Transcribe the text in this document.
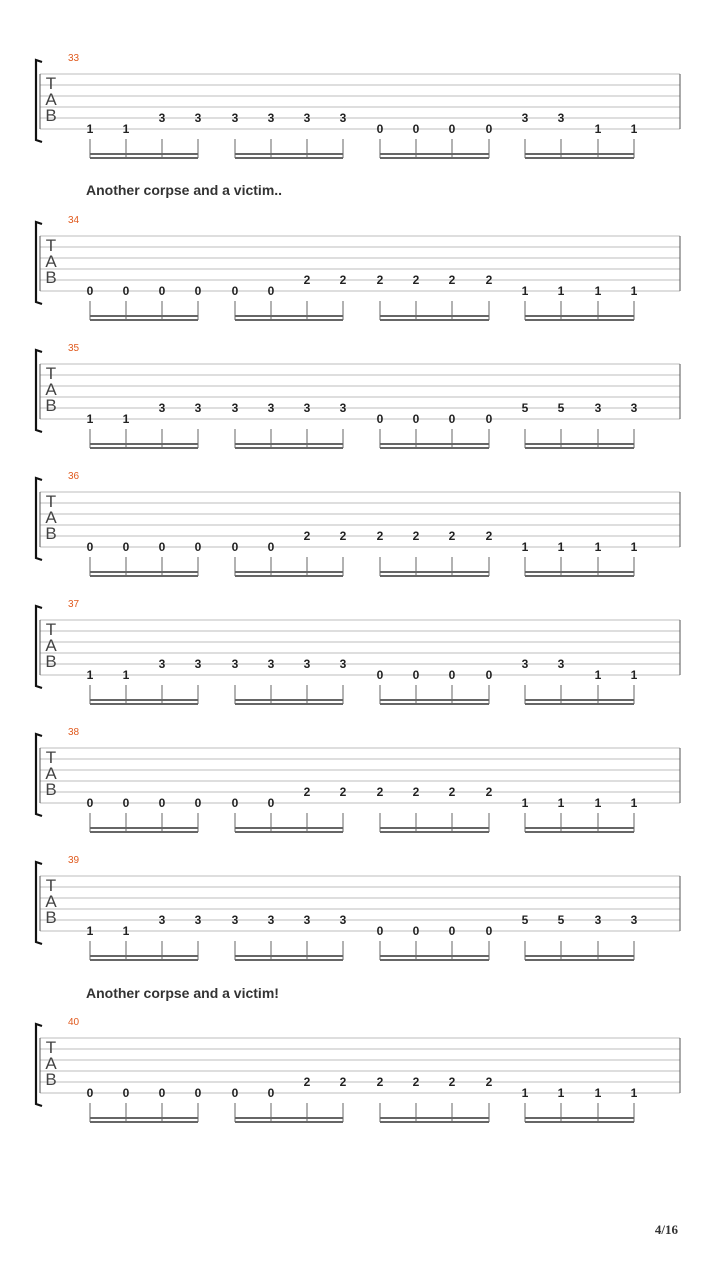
33
T
A
B
1 1
3 3	3 3 3 3
0 0 0	0
3 3
1 1
Another corpse and a victim..
34
T
A
B
0 0 0 0	0 0
2 2	2 2 2	2
1 1	1 1
35
T
A
B
1 1
3 3	3 3 3 3
0 0 0	0
5 5	3 3
36
T
A
B
0 0 0 0	0 0
2 2	2 2 2	2
1 1	1 1
37
T
A
B
1 1
3 3	3 3 3 3
0 0 0	0
3 3
1 1
38
T
A
B
0 0 0 0	0 0
2 2	2 2 2	2
1 1	1 1
39
T
A
B
1 1
3 3	3 3 3 3
0 0 0	0
5 5	3 3
Another corpse and a victim!
40
T
A
B
0 0 0 0	0 0
2 2	2 2 2	2
1 1	1 1
4/16
